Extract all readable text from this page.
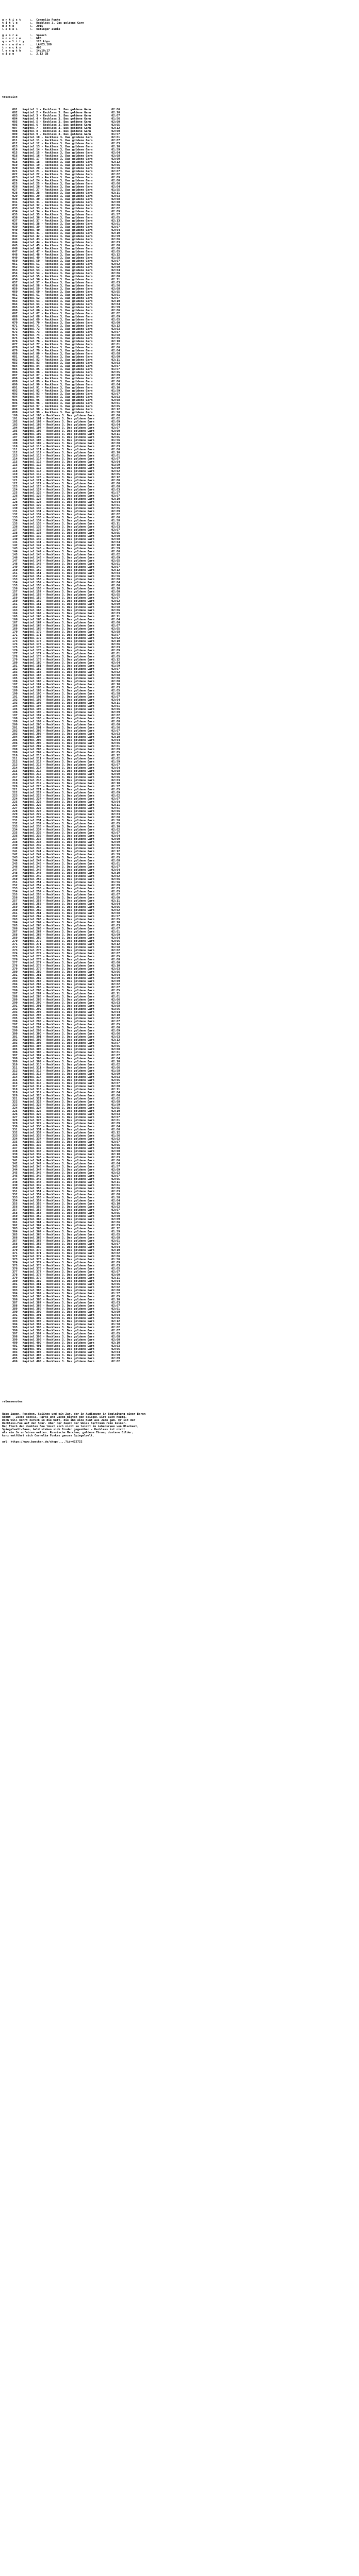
a r t i s t     :.  Cornelia Funke
t i t l e       :.  Reckless 3. Das goldene Garn
d a t e         :.  2015
l a b e l       :.  Oetinger audio

g e n r e       :.  Speech
s o u r c e     :.  WEB
q u a l i t y   :.  128 kbps
e n c o d e r   :.  LAME3.100
t r a c k s     :.  406
l e n g t h     :.  14:19:17
s i z e         :.  2.12 GB

tracklist

001   Kapitel 1 - Reckless 3. Das goldene Garn            02:06
002   Kapitel 2 - Reckless 3. Das goldene Garn            02:10
003   Kapitel 3 - Reckless 3. Das goldene Garn            02:07
004   Kapitel 4 - Reckless 3. Das goldene Garn            01:56
005   Kapitel 5 - Reckless 3. Das goldene Garn            02:00
006   Kapitel 6 - Reckless 3. Das goldene Garn            02:05
007   Kapitel 7 - Reckless 3. Das goldene Garn            02:12
008   Kapitel 8 - Reckless 3. Das goldene Garn            02:00
009   Kapitel 9 - Reckless 3. Das goldene Garn            01:57
010   Kapitel 10 - Reckless 3. Das goldene Garn           02:01
011   Kapitel 11 - Reckless 3. Das goldene Garn           02:07
012   Kapitel 12 - Reckless 3. Das goldene Garn           02:03
013   Kapitel 13 - Reckless 3. Das goldene Garn           02:10
014   Kapitel 14 - Reckless 3. Das goldene Garn           01:59
015   Kapitel 15 - Reckless 3. Das goldene Garn           02:04
016   Kapitel 16 - Reckless 3. Das goldene Garn           02:08
017   Kapitel 17 - Reckless 3. Das goldene Garn           02:00
018   Kapitel 18 - Reckless 3. Das goldene Garn           02:12
019   Kapitel 19 - Reckless 3. Das goldene Garn           02:05
020   Kapitel 20 - Reckless 3. Das goldene Garn           01:58
021   Kapitel 21 - Reckless 3. Das goldene Garn           02:07
022   Kapitel 22 - Reckless 3. Das goldene Garn           02:02
023   Kapitel 23 - Reckless 3. Das goldene Garn           02:09
024   Kapitel 24 - Reckless 3. Das goldene Garn           02:00
025   Kapitel 25 - Reckless 3. Das goldene Garn           02:06
026   Kapitel 26 - Reckless 3. Das goldene Garn           02:04
027   Kapitel 27 - Reckless 3. Das goldene Garn           01:55
028   Kapitel 28 - Reckless 3. Das goldene Garn           02:11
029   Kapitel 29 - Reckless 3. Das goldene Garn           02:03
030   Kapitel 30 - Reckless 3. Das goldene Garn           02:08
031   Kapitel 31 - Reckless 3. Das goldene Garn           02:00
032   Kapitel 32 - Reckless 3. Das goldene Garn           02:06
033   Kapitel 33 - Reckless 3. Das goldene Garn           02:02
034   Kapitel 34 - Reckless 3. Das goldene Garn           02:09
035   Kapitel 35 - Reckless 3. Das goldene Garn           01:57
036   Kapitel 36 - Reckless 3. Das goldene Garn           02:05
037   Kapitel 37 - Reckless 3. Das goldene Garn           02:13
038   Kapitel 38 - Reckless 3. Das goldene Garn           02:01
039   Kapitel 39 - Reckless 3. Das goldene Garn           02:07
040   Kapitel 40 - Reckless 3. Das goldene Garn           02:04
041   Kapitel 41 - Reckless 3. Das goldene Garn           02:10
042   Kapitel 42 - Reckless 3. Das goldene Garn           01:59
043   Kapitel 43 - Reckless 3. Das goldene Garn           02:06
044   Kapitel 44 - Reckless 3. Das goldene Garn           02:03
045   Kapitel 45 - Reckless 3. Das goldene Garn           02:08
046   Kapitel 46 - Reckless 3. Das goldene Garn           02:00
047   Kapitel 47 - Reckless 3. Das goldene Garn           02:05
048   Kapitel 48 - Reckless 3. Das goldene Garn           02:12
049   Kapitel 49 - Reckless 3. Das goldene Garn           01:58
050   Kapitel 50 - Reckless 3. Das goldene Garn           02:07
051   Kapitel 51 - Reckless 3. Das goldene Garn           02:02
052   Kapitel 52 - Reckless 3. Das goldene Garn           02:09
053   Kapitel 53 - Reckless 3. Das goldene Garn           02:04
054   Kapitel 54 - Reckless 3. Das goldene Garn           02:06
055   Kapitel 55 - Reckless 3. Das goldene Garn           02:00
056   Kapitel 56 - Reckless 3. Das goldene Garn           02:11
057   Kapitel 57 - Reckless 3. Das goldene Garn           02:03
058   Kapitel 58 - Reckless 3. Das goldene Garn           01:56
059   Kapitel 59 - Reckless 3. Das goldene Garn           02:08
060   Kapitel 60 - Reckless 3. Das goldene Garn           02:05
061   Kapitel 61 - Reckless 3. Das goldene Garn           02:01
062   Kapitel 62 - Reckless 3. Das goldene Garn           02:07
063   Kapitel 63 - Reckless 3. Das goldene Garn           02:10
064   Kapitel 64 - Reckless 3. Das goldene Garn           02:04
065   Kapitel 65 - Reckless 3. Das goldene Garn           01:59
066   Kapitel 66 - Reckless 3. Das goldene Garn           02:06
067   Kapitel 67 - Reckless 3. Das goldene Garn           02:02
068   Kapitel 68 - Reckless 3. Das goldene Garn           02:09
069   Kapitel 69 - Reckless 3. Das goldene Garn           02:05
070   Kapitel 70 - Reckless 3. Das goldene Garn           02:00
071   Kapitel 71 - Reckless 3. Das goldene Garn           02:12
072   Kapitel 72 - Reckless 3. Das goldene Garn           02:03
073   Kapitel 73 - Reckless 3. Das goldene Garn           02:07
074   Kapitel 74 - Reckless 3. Das goldene Garn           01:58
075   Kapitel 75 - Reckless 3. Das goldene Garn           02:05
076   Kapitel 76 - Reckless 3. Das goldene Garn           02:10
077   Kapitel 77 - Reckless 3. Das goldene Garn           02:01
078   Kapitel 78 - Reckless 3. Das goldene Garn           02:06
079   Kapitel 79 - Reckless 3. Das goldene Garn           02:04
080   Kapitel 80 - Reckless 3. Das goldene Garn           02:08
081   Kapitel 81 - Reckless 3. Das goldene Garn           02:00
082   Kapitel 82 - Reckless 3. Das goldene Garn           02:11
083   Kapitel 83 - Reckless 3. Das goldene Garn           02:03
084   Kapitel 84 - Reckless 3. Das goldene Garn           02:07
085   Kapitel 85 - Reckless 3. Das goldene Garn           01:57
086   Kapitel 86 - Reckless 3. Das goldene Garn           02:05
087   Kapitel 87 - Reckless 3. Das goldene Garn           02:09
088   Kapitel 88 - Reckless 3. Das goldene Garn           02:02
089   Kapitel 89 - Reckless 3. Das goldene Garn           02:06
090   Kapitel 90 - Reckless 3. Das goldene Garn           02:04
091   Kapitel 91 - Reckless 3. Das goldene Garn           02:10
092   Kapitel 92 - Reckless 3. Das goldene Garn           01:59
093   Kapitel 93 - Reckless 3. Das goldene Garn           02:07
094   Kapitel 94 - Reckless 3. Das goldene Garn           02:03
095   Kapitel 95 - Reckless 3. Das goldene Garn           02:08
096   Kapitel 96 - Reckless 3. Das goldene Garn           02:01
097   Kapitel 97 - Reckless 3. Das goldene Garn           02:05
098   Kapitel 98 - Reckless 3. Das goldene Garn           02:12
099   Kapitel 99 - Reckless 3. Das goldene Garn           01:58
100   Kapitel 100 - Reckless 3. Das goldene Garn          02:06
101   Kapitel 101 - Reckless 3. Das goldene Garn          02:02
102   Kapitel 102 - Reckless 3. Das goldene Garn          02:09
103   Kapitel 103 - Reckless 3. Das goldene Garn          02:04
104   Kapitel 104 - Reckless 3. Das goldene Garn          02:07
105   Kapitel 105 - Reckless 3. Das goldene Garn          02:00
106   Kapitel 106 - Reckless 3. Das goldene Garn          02:11
107   Kapitel 107 - Reckless 3. Das goldene Garn          02:05
108   Kapitel 108 - Reckless 3. Das goldene Garn          01:56
109   Kapitel 109 - Reckless 3. Das goldene Garn          02:08
110   Kapitel 110 - Reckless 3. Das goldene Garn          02:03
111   Kapitel 111 - Reckless 3. Das goldene Garn          02:06
112   Kapitel 112 - Reckless 3. Das goldene Garn          02:10
113   Kapitel 113 - Reckless 3. Das goldene Garn          02:01
114   Kapitel 114 - Reckless 3. Das goldene Garn          02:07
115   Kapitel 115 - Reckless 3. Das goldene Garn          02:04
116   Kapitel 116 - Reckless 3. Das goldene Garn          01:59
117   Kapitel 117 - Reckless 3. Das goldene Garn          02:09
118   Kapitel 118 - Reckless 3. Das goldene Garn          02:02
119   Kapitel 119 - Reckless 3. Das goldene Garn          02:05
120   Kapitel 120 - Reckless 3. Das goldene Garn          02:12
121   Kapitel 121 - Reckless 3. Das goldene Garn          02:00
122   Kapitel 122 - Reckless 3. Das goldene Garn          02:06
123   Kapitel 123 - Reckless 3. Das goldene Garn          02:08
124   Kapitel 124 - Reckless 3. Das goldene Garn          02:03
125   Kapitel 125 - Reckless 3. Das goldene Garn          01:57
126   Kapitel 126 - Reckless 3. Das goldene Garn          02:07
127   Kapitel 127 - Reckless 3. Das goldene Garn          02:10
128   Kapitel 128 - Reckless 3. Das goldene Garn          02:04
129   Kapitel 129 - Reckless 3. Das goldene Garn          02:01
130   Kapitel 130 - Reckless 3. Das goldene Garn          02:05
131   Kapitel 131 - Reckless 3. Das goldene Garn          02:09
132   Kapitel 132 - Reckless 3. Das goldene Garn          02:02
133   Kapitel 133 - Reckless 3. Das goldene Garn          02:06
134   Kapitel 134 - Reckless 3. Das goldene Garn          01:58
135   Kapitel 135 - Reckless 3. Das goldene Garn          02:11
136   Kapitel 136 - Reckless 3. Das goldene Garn          02:03
137   Kapitel 137 - Reckless 3. Das goldene Garn          02:07
138   Kapitel 138 - Reckless 3. Das goldene Garn          02:05
139   Kapitel 139 - Reckless 3. Das goldene Garn          02:00
140   Kapitel 140 - Reckless 3. Das goldene Garn          02:08
141   Kapitel 141 - Reckless 3. Das goldene Garn          02:04
142   Kapitel 142 - Reckless 3. Das goldene Garn          02:10
143   Kapitel 143 - Reckless 3. Das goldene Garn          01:59
144   Kapitel 144 - Reckless 3. Das goldene Garn          02:06
145   Kapitel 145 - Reckless 3. Das goldene Garn          02:02
146   Kapitel 146 - Reckless 3. Das goldene Garn          02:09
147   Kapitel 147 - Reckless 3. Das goldene Garn          02:05
148   Kapitel 148 - Reckless 3. Das goldene Garn          02:01
149   Kapitel 149 - Reckless 3. Das goldene Garn          02:07
150   Kapitel 150 - Reckless 3. Das goldene Garn          02:12
151   Kapitel 151 - Reckless 3. Das goldene Garn          02:03
152   Kapitel 152 - Reckless 3. Das goldene Garn          01:56
153   Kapitel 153 - Reckless 3. Das goldene Garn          02:08
154   Kapitel 154 - Reckless 3. Das goldene Garn          02:04
155   Kapitel 155 - Reckless 3. Das goldene Garn          02:06
156   Kapitel 156 - Reckless 3. Das goldene Garn          02:10
157   Kapitel 157 - Reckless 3. Das goldene Garn          02:00
158   Kapitel 158 - Reckless 3. Das goldene Garn          02:05
159   Kapitel 159 - Reckless 3. Das goldene Garn          02:07
160   Kapitel 160 - Reckless 3. Das goldene Garn          02:02
161   Kapitel 161 - Reckless 3. Das goldene Garn          02:09
162   Kapitel 162 - Reckless 3. Das goldene Garn          01:58
163   Kapitel 163 - Reckless 3. Das goldene Garn          02:06
164   Kapitel 164 - Reckless 3. Das goldene Garn          02:03
165   Kapitel 165 - Reckless 3. Das goldene Garn          02:11
166   Kapitel 166 - Reckless 3. Das goldene Garn          02:04
167   Kapitel 167 - Reckless 3. Das goldene Garn          02:00
168   Kapitel 168 - Reckless 3. Das goldene Garn          02:07
169   Kapitel 169 - Reckless 3. Das goldene Garn          02:05
170   Kapitel 170 - Reckless 3. Das goldene Garn          02:08
171   Kapitel 171 - Reckless 3. Das goldene Garn          01:57
172   Kapitel 172 - Reckless 3. Das goldene Garn          02:02
173   Kapitel 173 - Reckless 3. Das goldene Garn          02:10
174   Kapitel 174 - Reckless 3. Das goldene Garn          02:06
175   Kapitel 175 - Reckless 3. Das goldene Garn          02:03
176   Kapitel 176 - Reckless 3. Das goldene Garn          02:09
177   Kapitel 177 - Reckless 3. Das goldene Garn          02:01
178   Kapitel 178 - Reckless 3. Das goldene Garn          02:05
179   Kapitel 179 - Reckless 3. Das goldene Garn          02:12
180   Kapitel 180 - Reckless 3. Das goldene Garn          02:04
181   Kapitel 181 - Reckless 3. Das goldene Garn          01:59
182   Kapitel 182 - Reckless 3. Das goldene Garn          02:07
183   Kapitel 183 - Reckless 3. Das goldene Garn          02:02
184   Kapitel 184 - Reckless 3. Das goldene Garn          02:08
185   Kapitel 185 - Reckless 3. Das goldene Garn          02:06
186   Kapitel 186 - Reckless 3. Das goldene Garn          02:00
187   Kapitel 187 - Reckless 3. Das goldene Garn          02:10
188   Kapitel 188 - Reckless 3. Das goldene Garn          02:03
189   Kapitel 189 - Reckless 3. Das goldene Garn          02:05
190   Kapitel 190 - Reckless 3. Das goldene Garn          01:58
191   Kapitel 191 - Reckless 3. Das goldene Garn          02:07
192   Kapitel 192 - Reckless 3. Das goldene Garn          02:04
193   Kapitel 193 - Reckless 3. Das goldene Garn          02:11
194   Kapitel 194 - Reckless 3. Das goldene Garn          02:01
195   Kapitel 195 - Reckless 3. Das goldene Garn          02:06
196   Kapitel 196 - Reckless 3. Das goldene Garn          02:09
197   Kapitel 197 - Reckless 3. Das goldene Garn          02:02
198   Kapitel 198 - Reckless 3. Das goldene Garn          02:05
199   Kapitel 199 - Reckless 3. Das goldene Garn          02:08
200   Kapitel 200 - Reckless 3. Das goldene Garn          02:00
201   Kapitel 201 - Reckless 3. Das goldene Garn          01:56
202   Kapitel 202 - Reckless 3. Das goldene Garn          02:07
203   Kapitel 203 - Reckless 3. Das goldene Garn          02:03
204   Kapitel 204 - Reckless 3. Das goldene Garn          02:10
205   Kapitel 205 - Reckless 3. Das goldene Garn          02:04
206   Kapitel 206 - Reckless 3. Das goldene Garn          02:06
207   Kapitel 207 - Reckless 3. Das goldene Garn          02:01
208   Kapitel 208 - Reckless 3. Das goldene Garn          02:09
209   Kapitel 209 - Reckless 3. Das goldene Garn          02:05
210   Kapitel 210 - Reckless 3. Das goldene Garn          02:12
211   Kapitel 211 - Reckless 3. Das goldene Garn          02:02
212   Kapitel 212 - Reckless 3. Das goldene Garn          01:59
213   Kapitel 213 - Reckless 3. Das goldene Garn          02:07
214   Kapitel 214 - Reckless 3. Das goldene Garn          02:04
215   Kapitel 215 - Reckless 3. Das goldene Garn          02:08
216   Kapitel 216 - Reckless 3. Das goldene Garn          02:00
217   Kapitel 217 - Reckless 3. Das goldene Garn          02:06
218   Kapitel 218 - Reckless 3. Das goldene Garn          02:03
219   Kapitel 219 - Reckless 3. Das goldene Garn          02:10
220   Kapitel 220 - Reckless 3. Das goldene Garn          01:57
221   Kapitel 221 - Reckless 3. Das goldene Garn          02:05
222   Kapitel 222 - Reckless 3. Das goldene Garn          02:09
223   Kapitel 223 - Reckless 3. Das goldene Garn          02:02
224   Kapitel 224 - Reckless 3. Das goldene Garn          02:07
225   Kapitel 225 - Reckless 3. Das goldene Garn          02:04
226   Kapitel 226 - Reckless 3. Das goldene Garn          02:11
227   Kapitel 227 - Reckless 3. Das goldene Garn          02:01
228   Kapitel 228 - Reckless 3. Das goldene Garn          02:06
229   Kapitel 229 - Reckless 3. Das goldene Garn          02:03
230   Kapitel 230 - Reckless 3. Das goldene Garn          02:08
231   Kapitel 231 - Reckless 3. Das goldene Garn          01:58
232   Kapitel 232 - Reckless 3. Das goldene Garn          02:05
233   Kapitel 233 - Reckless 3. Das goldene Garn          02:10
234   Kapitel 234 - Reckless 3. Das goldene Garn          02:02
235   Kapitel 235 - Reckless 3. Das goldene Garn          02:07
236   Kapitel 236 - Reckless 3. Das goldene Garn          02:04
237   Kapitel 237 - Reckless 3. Das goldene Garn          02:00
238   Kapitel 238 - Reckless 3. Das goldene Garn          02:09
239   Kapitel 239 - Reckless 3. Das goldene Garn          02:06
240   Kapitel 240 - Reckless 3. Das goldene Garn          02:03
241   Kapitel 241 - Reckless 3. Das goldene Garn          02:12
242   Kapitel 242 - Reckless 3. Das goldene Garn          01:59
243   Kapitel 243 - Reckless 3. Das goldene Garn          02:05
244   Kapitel 244 - Reckless 3. Das goldene Garn          02:08
245   Kapitel 245 - Reckless 3. Das goldene Garn          02:01
246   Kapitel 246 - Reckless 3. Das goldene Garn          02:07
247   Kapitel 247 - Reckless 3. Das goldene Garn          02:04
248   Kapitel 248 - Reckless 3. Das goldene Garn          02:10
249   Kapitel 249 - Reckless 3. Das goldene Garn          02:02
250   Kapitel 250 - Reckless 3. Das goldene Garn          02:06
251   Kapitel 251 - Reckless 3. Das goldene Garn          01:56
252   Kapitel 252 - Reckless 3. Das goldene Garn          02:09
253   Kapitel 253 - Reckless 3. Das goldene Garn          02:03
254   Kapitel 254 - Reckless 3. Das goldene Garn          02:05
255   Kapitel 255 - Reckless 3. Das goldene Garn          02:07
256   Kapitel 256 - Reckless 3. Das goldene Garn          02:00
257   Kapitel 257 - Reckless 3. Das goldene Garn          02:11
258   Kapitel 258 - Reckless 3. Das goldene Garn          02:04
259   Kapitel 259 - Reckless 3. Das goldene Garn          02:06
260   Kapitel 260 - Reckless 3. Das goldene Garn          02:02
261   Kapitel 261 - Reckless 3. Das goldene Garn          02:08
262   Kapitel 262 - Reckless 3. Das goldene Garn          01:57
263   Kapitel 263 - Reckless 3. Das goldene Garn          02:05
264   Kapitel 264 - Reckless 3. Das goldene Garn          02:10
265   Kapitel 265 - Reckless 3. Das goldene Garn          02:03
266   Kapitel 266 - Reckless 3. Das goldene Garn          02:07
267   Kapitel 267 - Reckless 3. Das goldene Garn          02:01
268   Kapitel 268 - Reckless 3. Das goldene Garn          02:09
269   Kapitel 269 - Reckless 3. Das goldene Garn          02:04
270   Kapitel 270 - Reckless 3. Das goldene Garn          02:06
271   Kapitel 271 - Reckless 3. Das goldene Garn          02:12
272   Kapitel 272 - Reckless 3. Das goldene Garn          01:58
273   Kapitel 273 - Reckless 3. Das goldene Garn          02:02
274   Kapitel 274 - Reckless 3. Das goldene Garn          02:07
275   Kapitel 275 - Reckless 3. Das goldene Garn          02:05
276   Kapitel 276 - Reckless 3. Das goldene Garn          02:08
277   Kapitel 277 - Reckless 3. Das goldene Garn          02:00
278   Kapitel 278 - Reckless 3. Das goldene Garn          02:10
279   Kapitel 279 - Reckless 3. Das goldene Garn          02:03
280   Kapitel 280 - Reckless 3. Das goldene Garn          02:06
281   Kapitel 281 - Reckless 3. Das goldene Garn          02:04
282   Kapitel 282 - Reckless 3. Das goldene Garn          01:59
283   Kapitel 283 - Reckless 3. Das goldene Garn          02:09
284   Kapitel 284 - Reckless 3. Das goldene Garn          02:02
285   Kapitel 285 - Reckless 3. Das goldene Garn          02:07
286   Kapitel 286 - Reckless 3. Das goldene Garn          02:05
287   Kapitel 287 - Reckless 3. Das goldene Garn          02:11
288   Kapitel 288 - Reckless 3. Das goldene Garn          02:01
289   Kapitel 289 - Reckless 3. Das goldene Garn          02:06
290   Kapitel 290 - Reckless 3. Das goldene Garn          02:03
291   Kapitel 291 - Reckless 3. Das goldene Garn          02:08
292   Kapitel 292 - Reckless 3. Das goldene Garn          01:56
293   Kapitel 293 - Reckless 3. Das goldene Garn          02:04
294   Kapitel 294 - Reckless 3. Das goldene Garn          02:10
295   Kapitel 295 - Reckless 3. Das goldene Garn          02:02
296   Kapitel 296 - Reckless 3. Das goldene Garn          02:07
297   Kapitel 297 - Reckless 3. Das goldene Garn          02:05
298   Kapitel 298 - Reckless 3. Das goldene Garn          02:00
299   Kapitel 299 - Reckless 3. Das goldene Garn          02:09
300   Kapitel 300 - Reckless 3. Das goldene Garn          02:06
301   Kapitel 301 - Reckless 3. Das goldene Garn          02:03
302   Kapitel 302 - Reckless 3. Das goldene Garn          02:12
303   Kapitel 303 - Reckless 3. Das goldene Garn          01:57
304   Kapitel 304 - Reckless 3. Das goldene Garn          02:05
305   Kapitel 305 - Reckless 3. Das goldene Garn          02:08
306   Kapitel 306 - Reckless 3. Das goldene Garn          02:01
307   Kapitel 307 - Reckless 3. Das goldene Garn          02:07
308   Kapitel 308 - Reckless 3. Das goldene Garn          02:04
309   Kapitel 309 - Reckless 3. Das goldene Garn          02:10
310   Kapitel 310 - Reckless 3. Das goldene Garn          02:02
311   Kapitel 311 - Reckless 3. Das goldene Garn          02:06
312   Kapitel 312 - Reckless 3. Das goldene Garn          01:58
313   Kapitel 313 - Reckless 3. Das goldene Garn          02:09
314   Kapitel 314 - Reckless 3. Das goldene Garn          02:03
315   Kapitel 315 - Reckless 3. Das goldene Garn          02:05
316   Kapitel 316 - Reckless 3. Das goldene Garn          02:07
317   Kapitel 317 - Reckless 3. Das goldene Garn          02:00
318   Kapitel 318 - Reckless 3. Das goldene Garn          02:11
319   Kapitel 319 - Reckless 3. Das goldene Garn          02:04
320   Kapitel 320 - Reckless 3. Das goldene Garn          02:06
321   Kapitel 321 - Reckless 3. Das goldene Garn          02:02
322   Kapitel 322 - Reckless 3. Das goldene Garn          02:08
323   Kapitel 323 - Reckless 3. Das goldene Garn          01:59
324   Kapitel 324 - Reckless 3. Das goldene Garn          02:05
325   Kapitel 325 - Reckless 3. Das goldene Garn          02:10
326   Kapitel 326 - Reckless 3. Das goldene Garn          02:03
327   Kapitel 327 - Reckless 3. Das goldene Garn          02:07
328   Kapitel 328 - Reckless 3. Das goldene Garn          02:01
329   Kapitel 329 - Reckless 3. Das goldene Garn          02:09
330   Kapitel 330 - Reckless 3. Das goldene Garn          02:04
331   Kapitel 331 - Reckless 3. Das goldene Garn          02:06
332   Kapitel 332 - Reckless 3. Das goldene Garn          02:12
333   Kapitel 333 - Reckless 3. Das goldene Garn          01:56
334   Kapitel 334 - Reckless 3. Das goldene Garn          02:02
335   Kapitel 335 - Reckless 3. Das goldene Garn          02:07
336   Kapitel 336 - Reckless 3. Das goldene Garn          02:05
337   Kapitel 337 - Reckless 3. Das goldene Garn          02:08
338   Kapitel 338 - Reckless 3. Das goldene Garn          02:00
339   Kapitel 339 - Reckless 3. Das goldene Garn          02:10
340   Kapitel 340 - Reckless 3. Das goldene Garn          02:03
341   Kapitel 341 - Reckless 3. Das goldene Garn          02:06
342   Kapitel 342 - Reckless 3. Das goldene Garn          02:04
343   Kapitel 343 - Reckless 3. Das goldene Garn          01:57
344   Kapitel 344 - Reckless 3. Das goldene Garn          02:09
345   Kapitel 345 - Reckless 3. Das goldene Garn          02:02
346   Kapitel 346 - Reckless 3. Das goldene Garn          02:07
347   Kapitel 347 - Reckless 3. Das goldene Garn          02:05
348   Kapitel 348 - Reckless 3. Das goldene Garn          02:11
349   Kapitel 349 - Reckless 3. Das goldene Garn          02:01
350   Kapitel 350 - Reckless 3. Das goldene Garn          02:06
351   Kapitel 351 - Reckless 3. Das goldene Garn          02:03
352   Kapitel 352 - Reckless 3. Das goldene Garn          02:08
353   Kapitel 353 - Reckless 3. Das goldene Garn          01:58
354   Kapitel 354 - Reckless 3. Das goldene Garn          02:04
355   Kapitel 355 - Reckless 3. Das goldene Garn          02:10
356   Kapitel 356 - Reckless 3. Das goldene Garn          02:02
357   Kapitel 357 - Reckless 3. Das goldene Garn          02:07
358   Kapitel 358 - Reckless 3. Das goldene Garn          02:05
359   Kapitel 359 - Reckless 3. Das goldene Garn          02:00
360   Kapitel 360 - Reckless 3. Das goldene Garn          02:09
361   Kapitel 361 - Reckless 3. Das goldene Garn          02:06
362   Kapitel 362 - Reckless 3. Das goldene Garn          02:03
363   Kapitel 363 - Reckless 3. Das goldene Garn          02:12
364   Kapitel 364 - Reckless 3. Das goldene Garn          01:59
365   Kapitel 365 - Reckless 3. Das goldene Garn          02:05
366   Kapitel 366 - Reckless 3. Das goldene Garn          02:08
367   Kapitel 367 - Reckless 3. Das goldene Garn          02:01
368   Kapitel 368 - Reckless 3. Das goldene Garn          02:07
369   Kapitel 369 - Reckless 3. Das goldene Garn          02:04
370   Kapitel 370 - Reckless 3. Das goldene Garn          02:10
371   Kapitel 371 - Reckless 3. Das goldene Garn          02:02
372   Kapitel 372 - Reckless 3. Das goldene Garn          02:06
373   Kapitel 373 - Reckless 3. Das goldene Garn          01:56
374   Kapitel 374 - Reckless 3. Das goldene Garn          02:09
375   Kapitel 375 - Reckless 3. Das goldene Garn          02:03
376   Kapitel 376 - Reckless 3. Das goldene Garn          02:05
377   Kapitel 377 - Reckless 3. Das goldene Garn          02:07
378   Kapitel 378 - Reckless 3. Das goldene Garn          02:00
379   Kapitel 379 - Reckless 3. Das goldene Garn          02:11
380   Kapitel 380 - Reckless 3. Das goldene Garn          02:04
381   Kapitel 381 - Reckless 3. Das goldene Garn          02:06
382   Kapitel 382 - Reckless 3. Das goldene Garn          02:02
383   Kapitel 383 - Reckless 3. Das goldene Garn          02:08
384   Kapitel 384 - Reckless 3. Das goldene Garn          01:57
385   Kapitel 385 - Reckless 3. Das goldene Garn          02:05
386   Kapitel 386 - Reckless 3. Das goldene Garn          02:10
387   Kapitel 387 - Reckless 3. Das goldene Garn          02:03
388   Kapitel 388 - Reckless 3. Das goldene Garn          02:07
389   Kapitel 389 - Reckless 3. Das goldene Garn          02:01
390   Kapitel 390 - Reckless 3. Das goldene Garn          02:09
391   Kapitel 391 - Reckless 3. Das goldene Garn          02:04
392   Kapitel 392 - Reckless 3. Das goldene Garn          02:06
393   Kapitel 393 - Reckless 3. Das goldene Garn          02:12
394   Kapitel 394 - Reckless 3. Das goldene Garn          01:58
395   Kapitel 395 - Reckless 3. Das goldene Garn          02:02
396   Kapitel 396 - Reckless 3. Das goldene Garn          02:07
397   Kapitel 397 - Reckless 3. Das goldene Garn          02:05
398   Kapitel 398 - Reckless 3. Das goldene Garn          02:08
399   Kapitel 399 - Reckless 3. Das goldene Garn          02:00
400   Kapitel 400 - Reckless 3. Das goldene Garn          02:10
401   Kapitel 401 - Reckless 3. Das goldene Garn          02:03
402   Kapitel 402 - Reckless 3. Das goldene Garn          02:06
403   Kapitel 403 - Reckless 3. Das goldene Garn          02:04
404   Kapitel 404 - Reckless 3. Das goldene Garn          01:59
405   Kapitel 405 - Reckless 3. Das goldene Garn          02:09
406   Kapitel 406 - Reckless 3. Das goldene Garn          02:02

releasenotes

Rabe Jagen, Reschen. Spiinne und ein Zar, der in Audienzen in Begleitung einer Baren
kommt - Jacob Reckle, Parke und Jacob bieten den Spiegel wird auch heute.
Doch Will kehrt zurück in die Welt, die ihm eine Kunt aus Jade gab. Er ist der
Reckless-Fee auf der Spur. Aber der Zauch der Weiss Kartraum rein keiner.
Der Fluch der dunklen Fee lässt sich nicht so leicht im Lebensraum von Blackast,
Spiegelwelt-Baam, bald stehen sich Bruder gegenüber - Reckless ist nicht
als ein Je unfabren welten. Russische Marchen, goldene Thron, dustere Bilder,
kurz entführt sich Cornelia Funkes ganzes Spiegelwelt.
url: https://www.buecher.de/shop/....?id=422722
